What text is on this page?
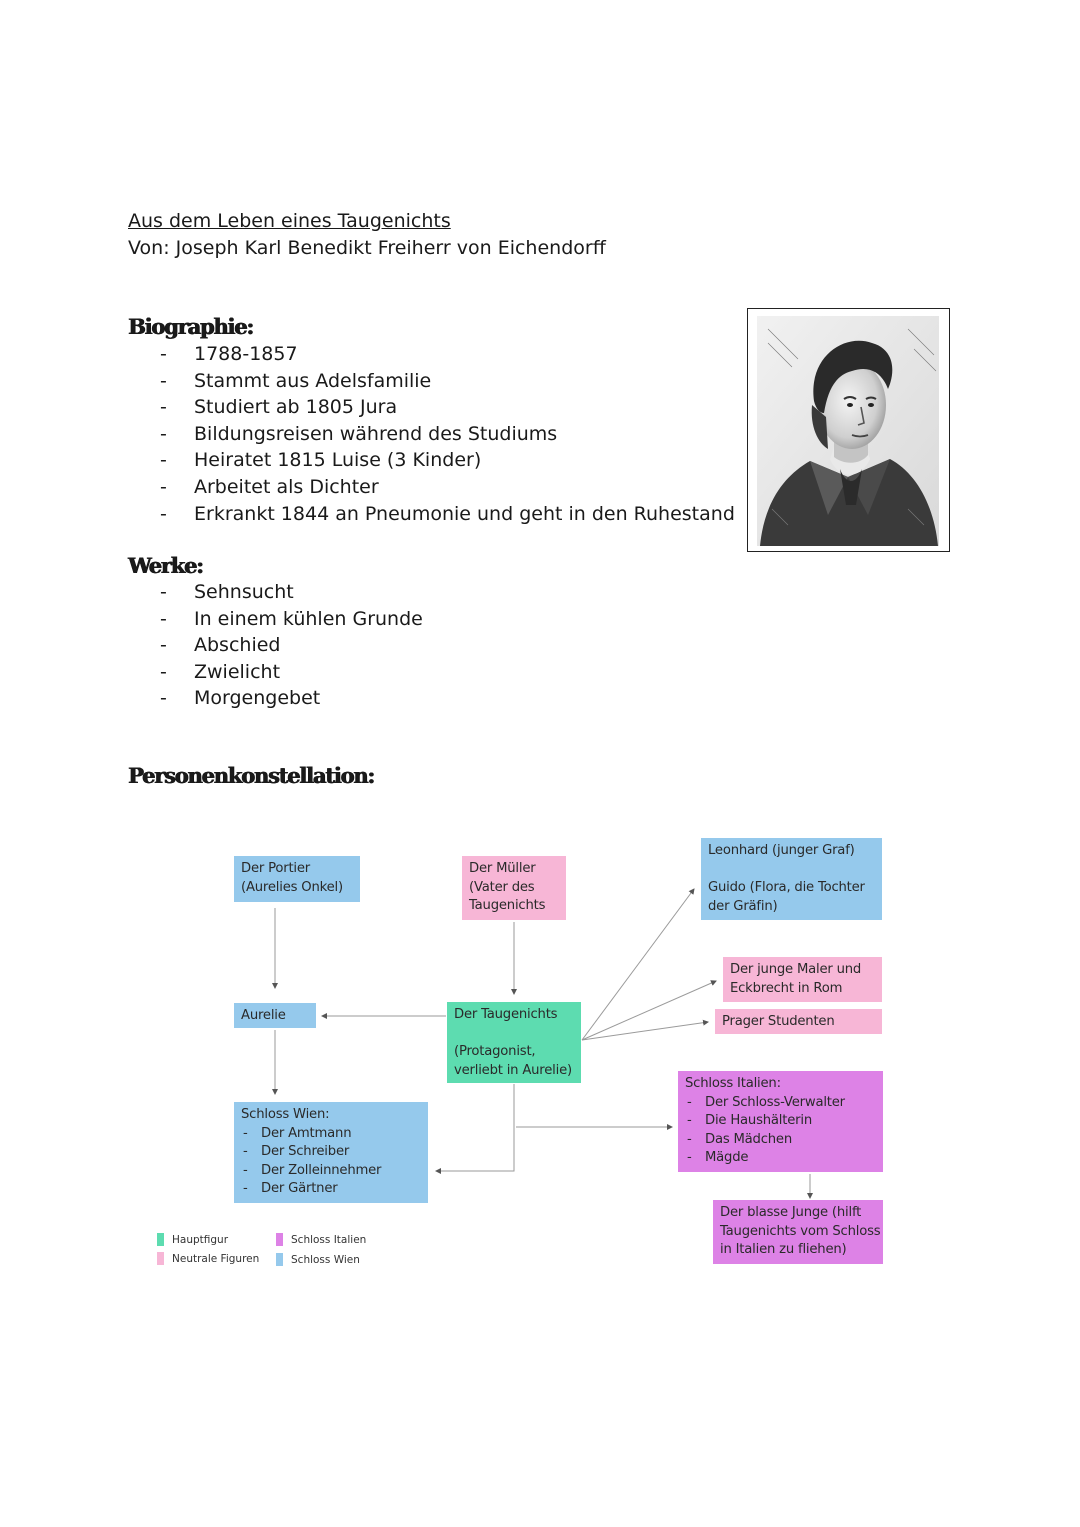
Aus dem Leben eines Taugenichts
Von: Joseph Karl Benedikt Freiherr von Eichendorff
Biographie:
- 1788-1857
- Stammt aus Adelsfamilie
- Studiert ab 1805 Jura
- Bildungsreisen während des Studiums
- Heiratet 1815 Luise (3 Kinder)
- Arbeitet als Dichter
- Erkrankt 1844 an Pneumonie und geht in den Ruhestand
Werke:
- Sehnsucht
- In einem kühlen Grunde
- Abschied
- Zwielicht
- Morgengebet
Personenkonstellation:
Der Portier
(Aurelies Onkel)
Der Müller
(Vater des
Taugenichts
Leonhard (junger Graf)
Guido (Flora, die Tochter
der Gräfin)
Der junge Maler und
Eckbrecht in Rom
Prager Studenten
Aurelie	Der Taugenichts
(Protagonist,
verliebt in Aurelie)
Schloss Wien:
- Der Amtmann
- Der Schreiber
- Der Zolleinnehmer
- Der Gärtner
Schloss Italien:
- Der Schloss-Verwalter
- Die Haushälterin
- Das Mädchen
- Mägde
Der blasse Junge (hilft
Taugenichts vom Schloss
in Italien zu fliehen)
Hauptfigur
Neutrale Figuren
Schloss Italien
Schloss Wien
